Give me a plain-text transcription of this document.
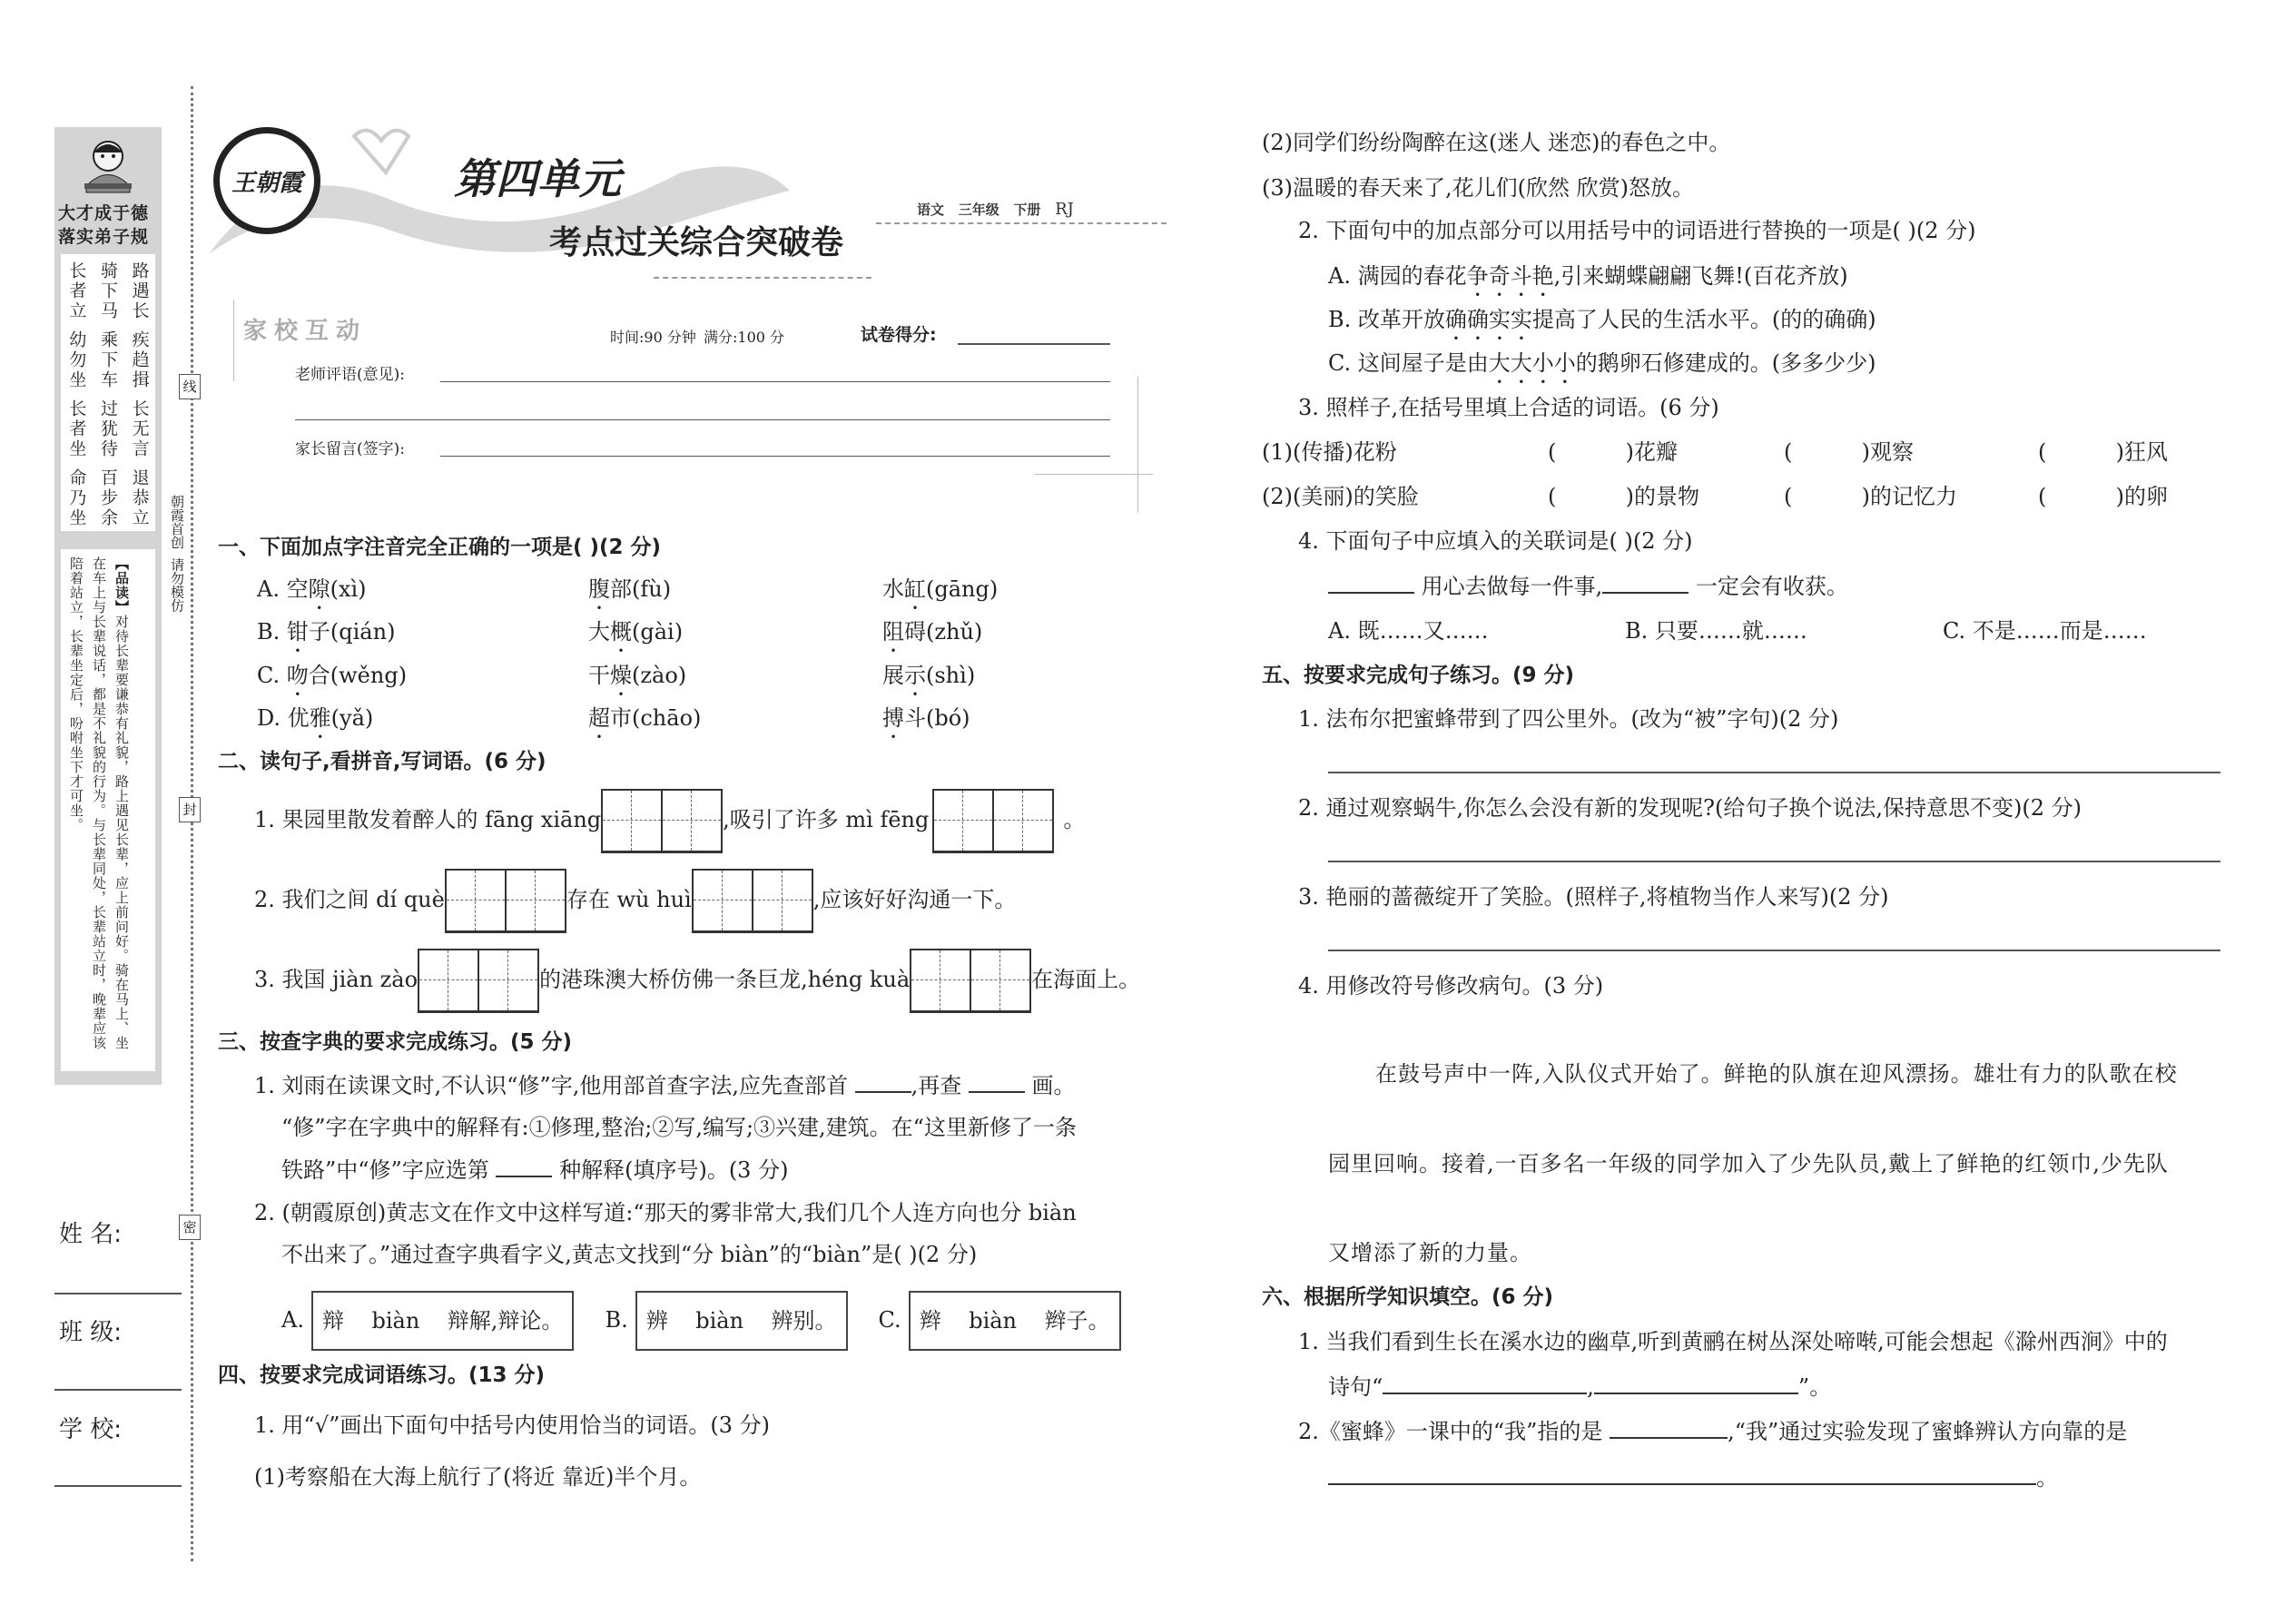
大才成于德
落实弟子规
路遇长
疾趋揖
长无言
退恭立
骑下马
乘下车
过犹待
百步余
长者立
幼勿坐
长者坐
命乃坐
【品读】对待长辈要谦恭有礼貌，路上遇见长辈，应上前问好。骑在马上、坐在车上与长辈说话，都是不礼貌的行为。与长辈同处，长辈站立时，晚辈应该陪着站立，长辈坐定后，吩咐坐下才可坐。
线
封
密
朝霞首创  请勿模仿
姓 名:
班 级:
学 校:
王朝霞	第四单元
考点过关综合突破卷
语文 三年级 下册 RJ
家校互动	时间:90 分钟 满分:100 分	试卷得分:
老师评语(意见):
家长留言(签字):
一、下面加点字注音完全正确的一项是( )(2 分)
A. 空隙(xì)	腹部(fù)	水缸(gāng)
B. 钳子(qián)	大概(gài)	阻碍(zhǔ)
C. 吻合(wěng)	干燥(zào)	展示(shì)
D. 优雅(yǎ)	超市(chāo)	搏斗(bó)
二、读句子,看拼音,写词语。(6 分)
1. 果园里散发着醉人的 fāng xiāng	,吸引了许多 mì fēng	。
2. 我们之间 dí què	存在 wù huì	,应该好好沟通一下。
3. 我国 jiàn zào	的港珠澳大桥仿佛一条巨龙,héng kuà	在海面上。
三、按查字典的要求完成练习。(5 分)
1. 刘雨在读课文时,不认识“修”字,他用部首查字法,应先查部首	,再查	画。
“修”字在字典中的解释有:①修理,整治;②写,编写;③兴建,建筑。在“这里新修了一条
铁路”中“修”字应选第	种解释(填序号)。(3 分)
2. (朝霞原创)黄志文在作文中这样写道:“那天的雾非常大,我们几个人连方向也分 biàn
不出来了。”通过查字典看字义,黄志文找到“分 biàn”的“biàn”是( )(2 分)
A. 辩    biàn    辩解,辩论。 B. 辨    biàn    辨别。 C. 辫    biàn    辫子。
四、按要求完成词语练习。(13 分)
1. 用“√”画出下面句中括号内使用恰当的词语。(3 分)
(1)考察船在大海上航行了(将近 靠近)半个月。
(2)同学们纷纷陶醉在这(迷人 迷恋)的春色之中。
(3)温暖的春天来了,花儿们(欣然 欣赏)怒放。
2. 下面句中的加点部分可以用括号中的词语进行替换的一项是( )(2 分)
A. 满园的春花争奇斗艳,引来蝴蝶翩翩飞舞!(百花齐放)
B. 改革开放确确实实提高了人民的生活水平。(的的确确)
C. 这间屋子是由大大小小的鹅卵石修建成的。(多多少少)
3. 照样子,在括号里填上合适的词语。(6 分)
(1)(传播)花粉	(          )花瓣	(          )观察	(          )狂风
(2)(美丽)的笑脸	(          )的景物	(          )的记忆力	(          )的卵
4. 下面句子中应填入的关联词是( )(2 分)
用心去做每一件事,	一定会有收获。
A. 既……又……	B. 只要……就……	C. 不是……而是……
五、按要求完成句子练习。(9 分)
1. 法布尔把蜜蜂带到了四公里外。(改为“被”字句)(2 分)
2. 通过观察蜗牛,你怎么会没有新的发现呢?(给句子换个说法,保持意思不变)(2 分)
3. 艳丽的蔷薇绽开了笑脸。(照样子,将植物当作人来写)(2 分)
4. 用修改符号修改病句。(3 分)
在鼓号声中一阵,入队仪式开始了。鲜艳的队旗在迎风漂扬。雄壮有力的队歌在校
园里回响。接着,一百多名一年级的同学加入了少先队员,戴上了鲜艳的红领巾,少先队
又增添了新的力量。
六、根据所学知识填空。(6 分)
1. 当我们看到生长在溪水边的幽草,听到黄鹂在树丛深处啼啭,可能会想起《滁州西涧》中的
诗句“	,	”。
2.《蜜蜂》一课中的“我”指的是	,“我”通过实验发现了蜜蜂辨认方向靠的是
。
